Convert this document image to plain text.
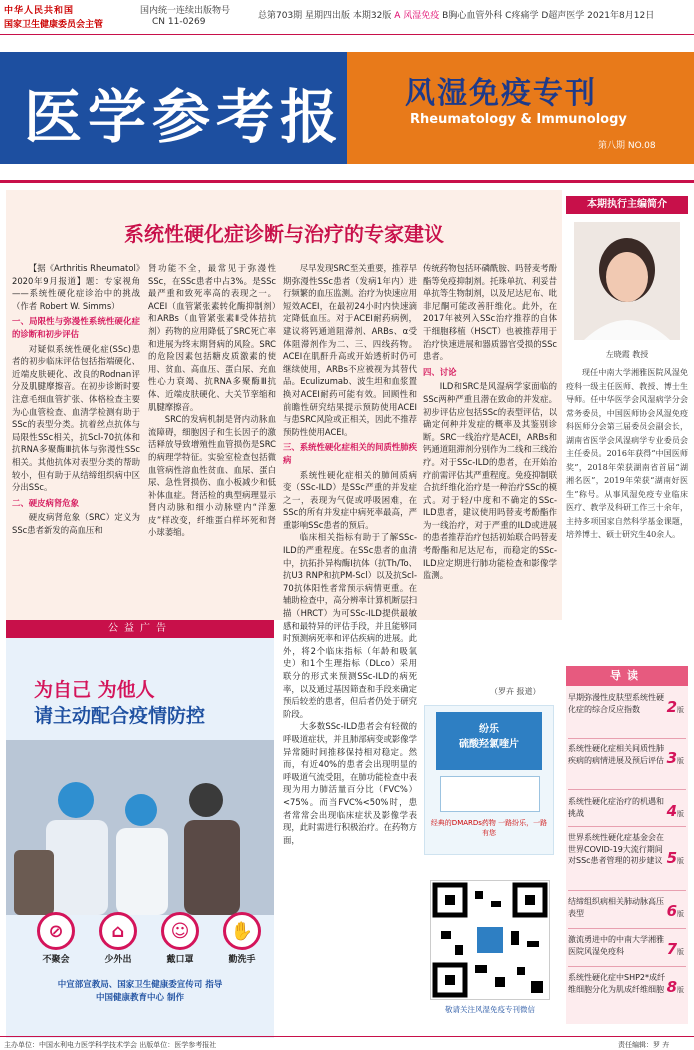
中华人民共和国
国家卫生健康委员会主管
国内统一连续出版物号
CN 11-0269
总第703期 星期四出版 本期32版 A 风湿免疫 B胸心血管外科 C疼痛学 D超声医学 2021年8月12日
医学参考报 风湿免疫专刊
Rheumatology & Immunology
第八期 NO.08
系统性硬化症诊断与治疗的专家建议

【据《Arthritis Rheumatol》2020年9月报道】题：专家视角——系统性硬化症诊治中的挑战（作者 Robert W. Simms）

一、局限性与弥漫性系统性硬化症的诊断和初步评估

对疑似系统性硬化症(SSc)患者的初步临床评估包括指端硬化、近端皮肤硬化、改良的Rodnan评分及肌腱摩擦音。在初步诊断时要注意毛细血管扩张、体格检查主要为心血管检查、血清学检测有助于SSc的表型分类。抗着丝点抗体与局限性SSc相关，抗Scl-70抗体和抗RNA多聚酶Ⅲ抗体与弥漫性SSc相关。其他抗体对表型分类的帮助较小，但有助于从结缔组织病中区分出SSc。

二、硬皮病肾危象

硬皮病肾危象（SRC）定义为SSc患者新发的高血压和

肾功能不全，最常见于弥漫性SSc，在SSc患者中占3%。是SSc最严重和致死率高的表现之一。ACEI（血管紧张素转化酶抑制剂）和ARBs（血管紧张素Ⅱ受体拮抗剂）药物的应用降低了SRC死亡率和进展为终末期肾病的风险。SRC的危险因素包括糖皮质激素的使用、贫血、高血压、蛋白尿、充血性心力衰竭、抗RNA多聚酶Ⅲ抗体、近端皮肤硬化、大关节挛缩和肌腱摩擦音。

SRC的发病机制是肾内动脉血流障碍，细胞因子和生长因子的激活释放导致增殖性血管损伤是SRC的病理学特征。实验室检查包括微血管病性溶血性贫血、血尿、蛋白尿、急性肾损伤、血小板减少和低补体血症。肾活检的典型病理显示肾内动脉和细小动脉壁内“洋葱皮”样改变，纤维蛋白样坏死和肾小球萎缩。

尽早发现SRC至关重要，推荐早期弥漫性SSc患者（发病1年内）进行频繁的血压监测。治疗为快速应用短效ACEI，在最初24小时内快速滴定降低血压。对于ACEI耐药病例，建议将钙通道阻滞剂、ARBs、α受体阻滞剂作为二、三、四线药物。ACEI在肌酐升高或开始透析时仍可继续使用，ARBs不应被视为其替代品。Eculizumab、波生坦和血浆置换对ACEI耐药可能有效。回顾性和前瞻性研究结果提示预防使用ACEI与患SRC风险或正相关，因此不推荐预防性使用ACEI。

三、系统性硬化症相关的间质性肺疾病

系统性硬化症相关的肺间质病变（SSc-ILD）是SSc严重的并发症之一，表现为气促或呼吸困难，在SSc的所有并发症中病死率最高，严重影响SSc患者的预后。

临床相关指标有助于了解SSc-ILD的严重程度。在SSc患者的血清中，抗拓扑异构酶Ⅰ抗体（抗Th/To、抗U3 RNP和抗PM-Scl）以及抗Scl-70抗体阳性者常预示病情更重。在辅助检查中，高分辨率计算机断层扫描（HRCT）为可SSc-ILD提供最敏感和最特异的评估手段，并且能够同时预测病死率和评估疾病的进展。此外，将2个临床指标（年龄和吸氧史）和1个生理指标（DLco）采用联分的形式来预测SSc-ILD的病死率，以及通过基因筛查和手段来确定预后较差的患者，但后者仍处于研究阶段。

大多数SSc-ILD患者会有轻微的呼吸道症状，并且肺部病变或影像学异常随时间推移保持相对稳定。然而，有近40%的患者会出现明显的呼吸道气流受阻，在肺功能检查中表现为用力肺活量百分比（FVC%）<75%。而当FVC%<50%时，患者常常会出现临床症状及影像学表现，此时需进行积极治疗。在药物方面，

传统药物包括环磷酰胺、吗替麦考酚酯等免疫抑制剂。托珠单抗、利妥昔单抗等生物制剂，以及尼达尼布、吡非尼酮可能改善肝维化。此外，在2017年被列入SSc治疗推荐的自体干细胞移植（HSCT）也被推荐用于治疗快速进展和器质器官受损的SSc患者。

四、讨论

ILD和SRC是风湿病学家面临的SSc两种严重且潜在致命的并发症。初步评估应包括SSc的表型评估，以确定何种并发症的概率及其鉴别诊断。SRC一线治疗是ACEI，ARBs和钙通道阻滞剂分别作为二线和三线治疗。对于SSc-ILD的患者，在开始治疗前需评估其严重程度。免疫抑制联合抗纤维化治疗是一种治疗SSc的模式。对于轻/中度和不确定的SSc-ILD患者，建议使用吗替麦考酚酯作为一线治疗，对于严重的ILD或进展的患者推荐治疗包括初始联合吗替麦考酚酯和尼达尼布，而稳定的SSc-ILD应定期进行肺功能检查和影像学监测。

（罗卉 报道）
公益广告
为自己 为他人
请主动配合疫情防控
⊘
不聚会
⌂
少外出
☺
戴口罩
✋
勤洗手
中宣部宣教局、国家卫生健康委宣传司 指导
中国健康教育中心 制作
纷乐
硫酸羟氯喹片
经典的DMARDs药物 一路纷乐，一路有您
敬请关注风湿免疫专刊微信
本期执行主编简介
左晓霞 教授
现任中南大学湘雅医院风湿免疫科一级主任医师、教授、博士生导师。任中华医学会风湿病学分会常务委员，中国医师协会风湿免疫科医师分会第三届委员会副会长，湖南省医学会风湿病学专业委员会主任委员。2016年获得“中国医师奖”，2018年荣获湖南省首届“湖湘名医”，2019年荣获“湖南好医生”称号。从事风湿免疫专业临床医疗、教学及科研工作三十余年，主持多项国家自然科学基金课题，培养博士、硕士研究生40余人。
导读
早期弥漫性皮肤型系统性硬化症的综合反应指数	2版
系统性硬化症相关间质性肺疾病的病情进展及预后评估 3版
系统性硬化症治疗的机遇和挑战	4版
世界系统性硬化症基金会在世界COVID-19大流行期间对SSc患者管理的初步建议 5版
结缔组织病相关肺动脉高压表型	6版
激流勇进中的中南大学湘雅医院风湿免疫科	7版
系统性硬化症中SHP2*成纤维细胞分化为肌成纤维细胞 8版
主办单位：中国水利电力医学科学技术学会 出版单位：医学参考报社	责任编辑：罗 卉
